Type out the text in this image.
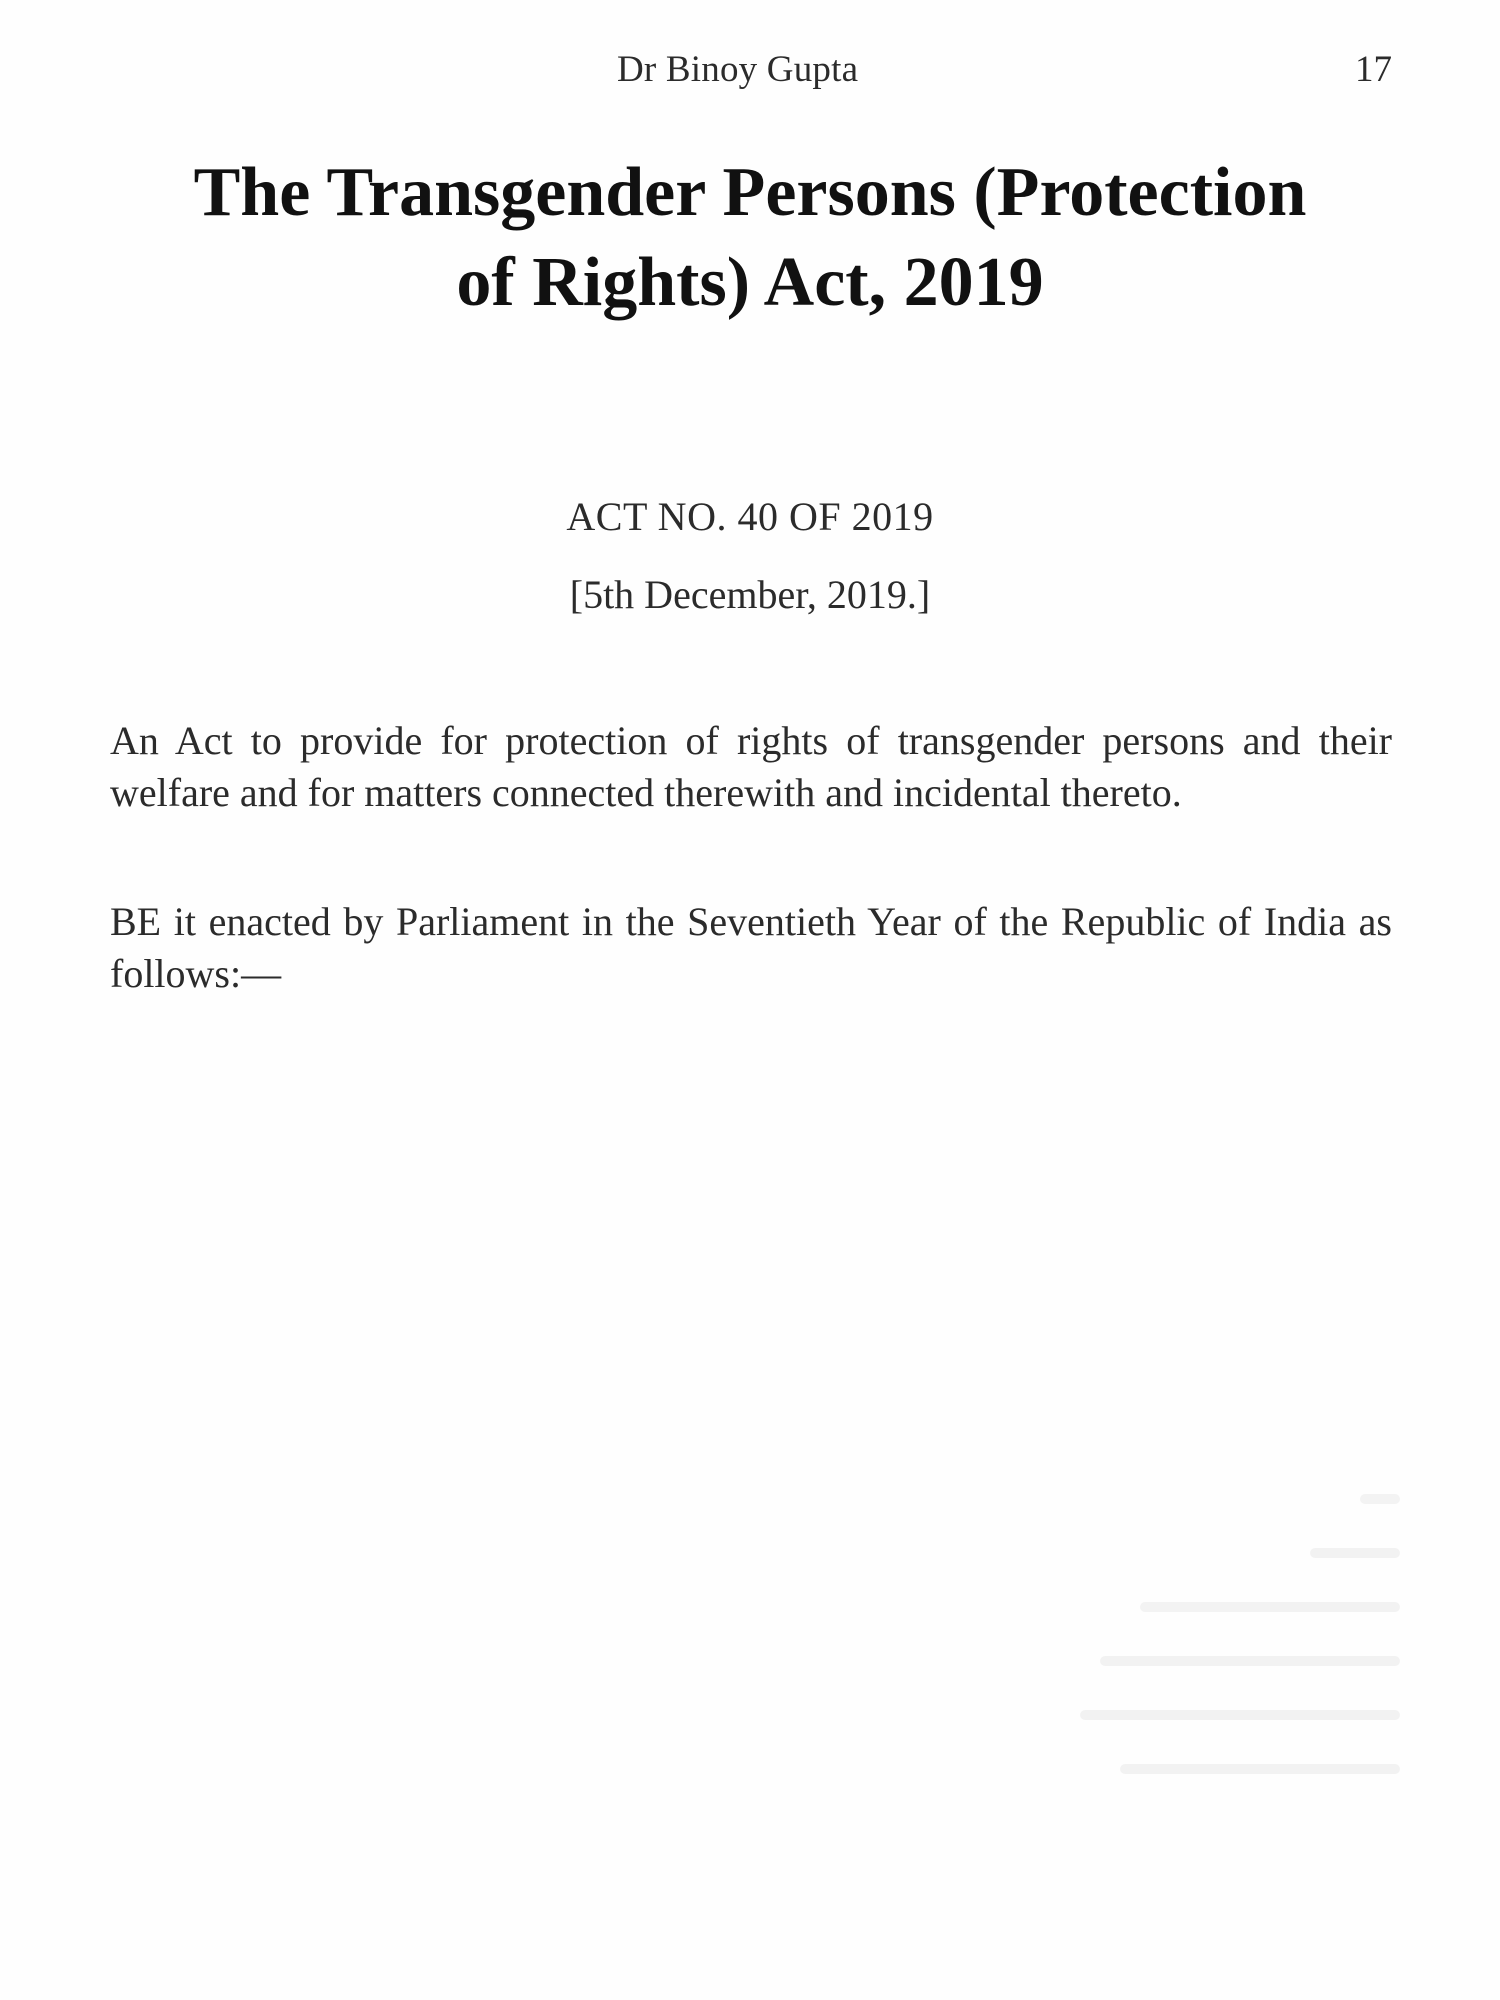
Dr Binoy Gupta	17
The Transgender Persons (Protection
of Rights) Act, 2019
ACT NO. 40 OF 2019
[5th December, 2019.]

An Act to provide for protection of rights of transgender persons and their welfare and for matters connected therewith and incidental thereto.

BE it enacted by Parliament in the Seventieth Year of the Republic of India as follows:—
